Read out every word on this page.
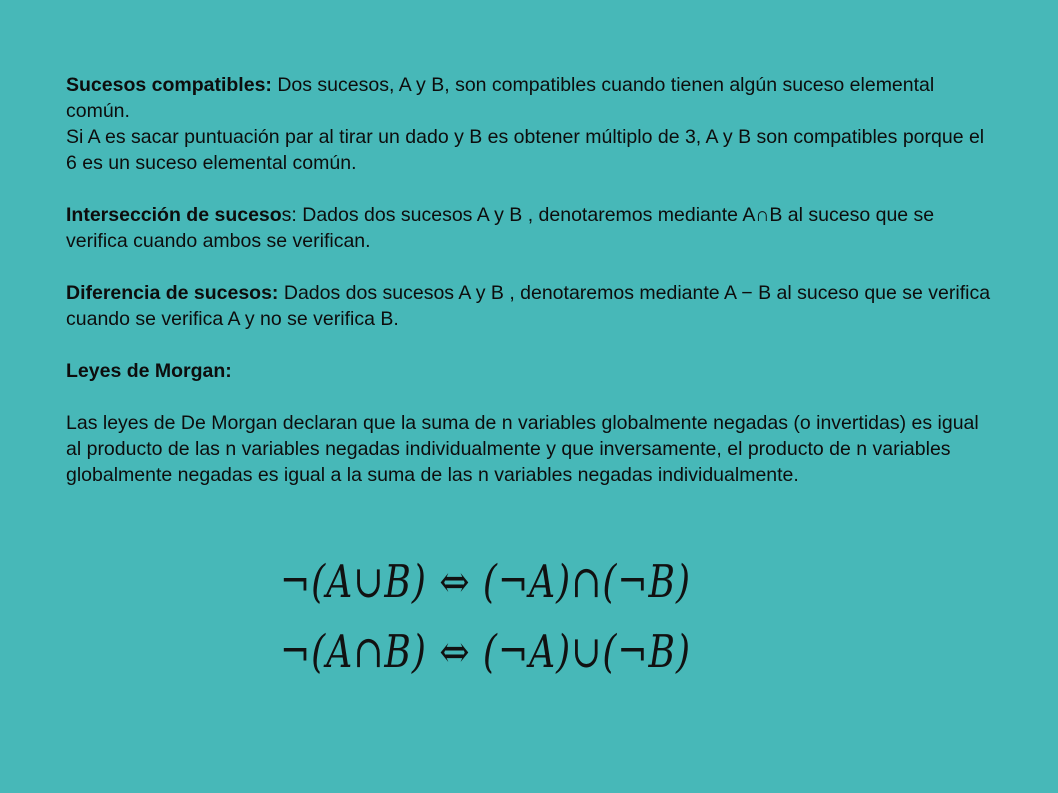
Sucesos compatibles: Dos sucesos, A y B, son compatibles cuando tienen algún suceso elemental común.

Si A es sacar puntuación par al tirar un dado y B es obtener múltiplo de 3, A y B son compatibles porque el 6 es un suceso elemental común.

Intersección de sucesos: Dados dos sucesos A y B , denotaremos mediante A∩B al suceso que se verifica cuando ambos se verifican.

Diferencia de sucesos: Dados dos sucesos A y B , denotaremos mediante A − B al suceso que se verifica cuando se verifica A y no se verifica B.

Leyes de Morgan:

Las leyes de De Morgan declaran que la suma de n variables globalmente negadas (o invertidas) es igual al producto de las n variables negadas individualmente y que inversamente, el producto de n variables globalmente negadas es igual a la suma de las n variables negadas individualmente.

¬(A∪B) ⇔ (¬A)∩(¬B)
¬(A∩B) ⇔ (¬A)∪(¬B)
